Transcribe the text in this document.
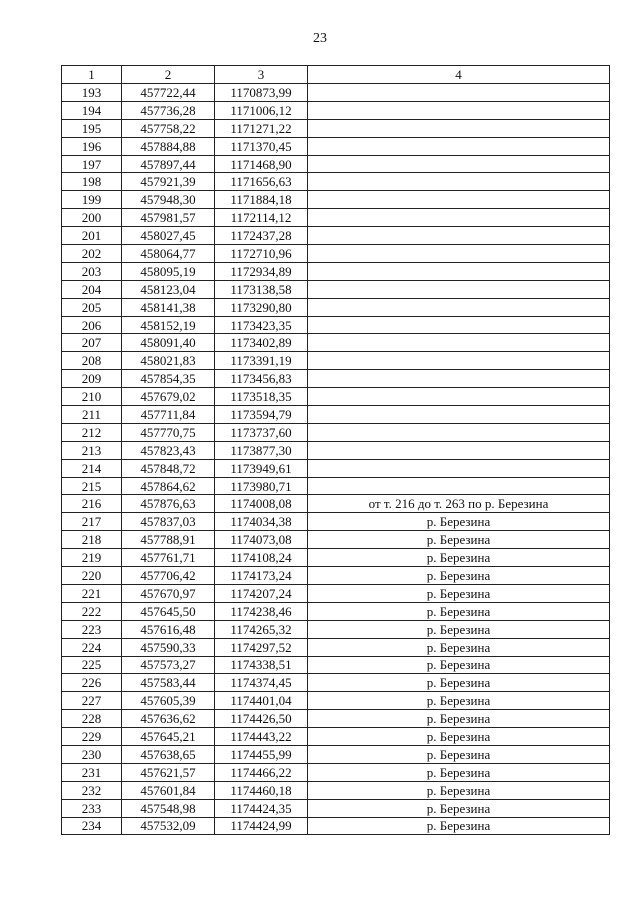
23
1	2	3	4
193	457722,44	1170873,99	
194	457736,28	1171006,12	
195	457758,22	1171271,22	
196	457884,88	1171370,45	
197	457897,44	1171468,90	
198	457921,39	1171656,63	
199	457948,30	1171884,18	
200	457981,57	1172114,12	
201	458027,45	1172437,28	
202	458064,77	1172710,96	
203	458095,19	1172934,89	
204	458123,04	1173138,58	
205	458141,38	1173290,80	
206	458152,19	1173423,35	
207	458091,40	1173402,89	
208	458021,83	1173391,19	
209	457854,35	1173456,83	
210	457679,02	1173518,35	
211	457711,84	1173594,79	
212	457770,75	1173737,60	
213	457823,43	1173877,30	
214	457848,72	1173949,61	
215	457864,62	1173980,71	
216	457876,63	1174008,08	от т. 216 до т. 263 по р. Березина
217	457837,03	1174034,38	р. Березина
218	457788,91	1174073,08	р. Березина
219	457761,71	1174108,24	р. Березина
220	457706,42	1174173,24	р. Березина
221	457670,97	1174207,24	р. Березина
222	457645,50	1174238,46	р. Березина
223	457616,48	1174265,32	р. Березина
224	457590,33	1174297,52	р. Березина
225	457573,27	1174338,51	р. Березина
226	457583,44	1174374,45	р. Березина
227	457605,39	1174401,04	р. Березина
228	457636,62	1174426,50	р. Березина
229	457645,21	1174443,22	р. Березина
230	457638,65	1174455,99	р. Березина
231	457621,57	1174466,22	р. Березина
232	457601,84	1174460,18	р. Березина
233	457548,98	1174424,35	р. Березина
234	457532,09	1174424,99	р. Березина
